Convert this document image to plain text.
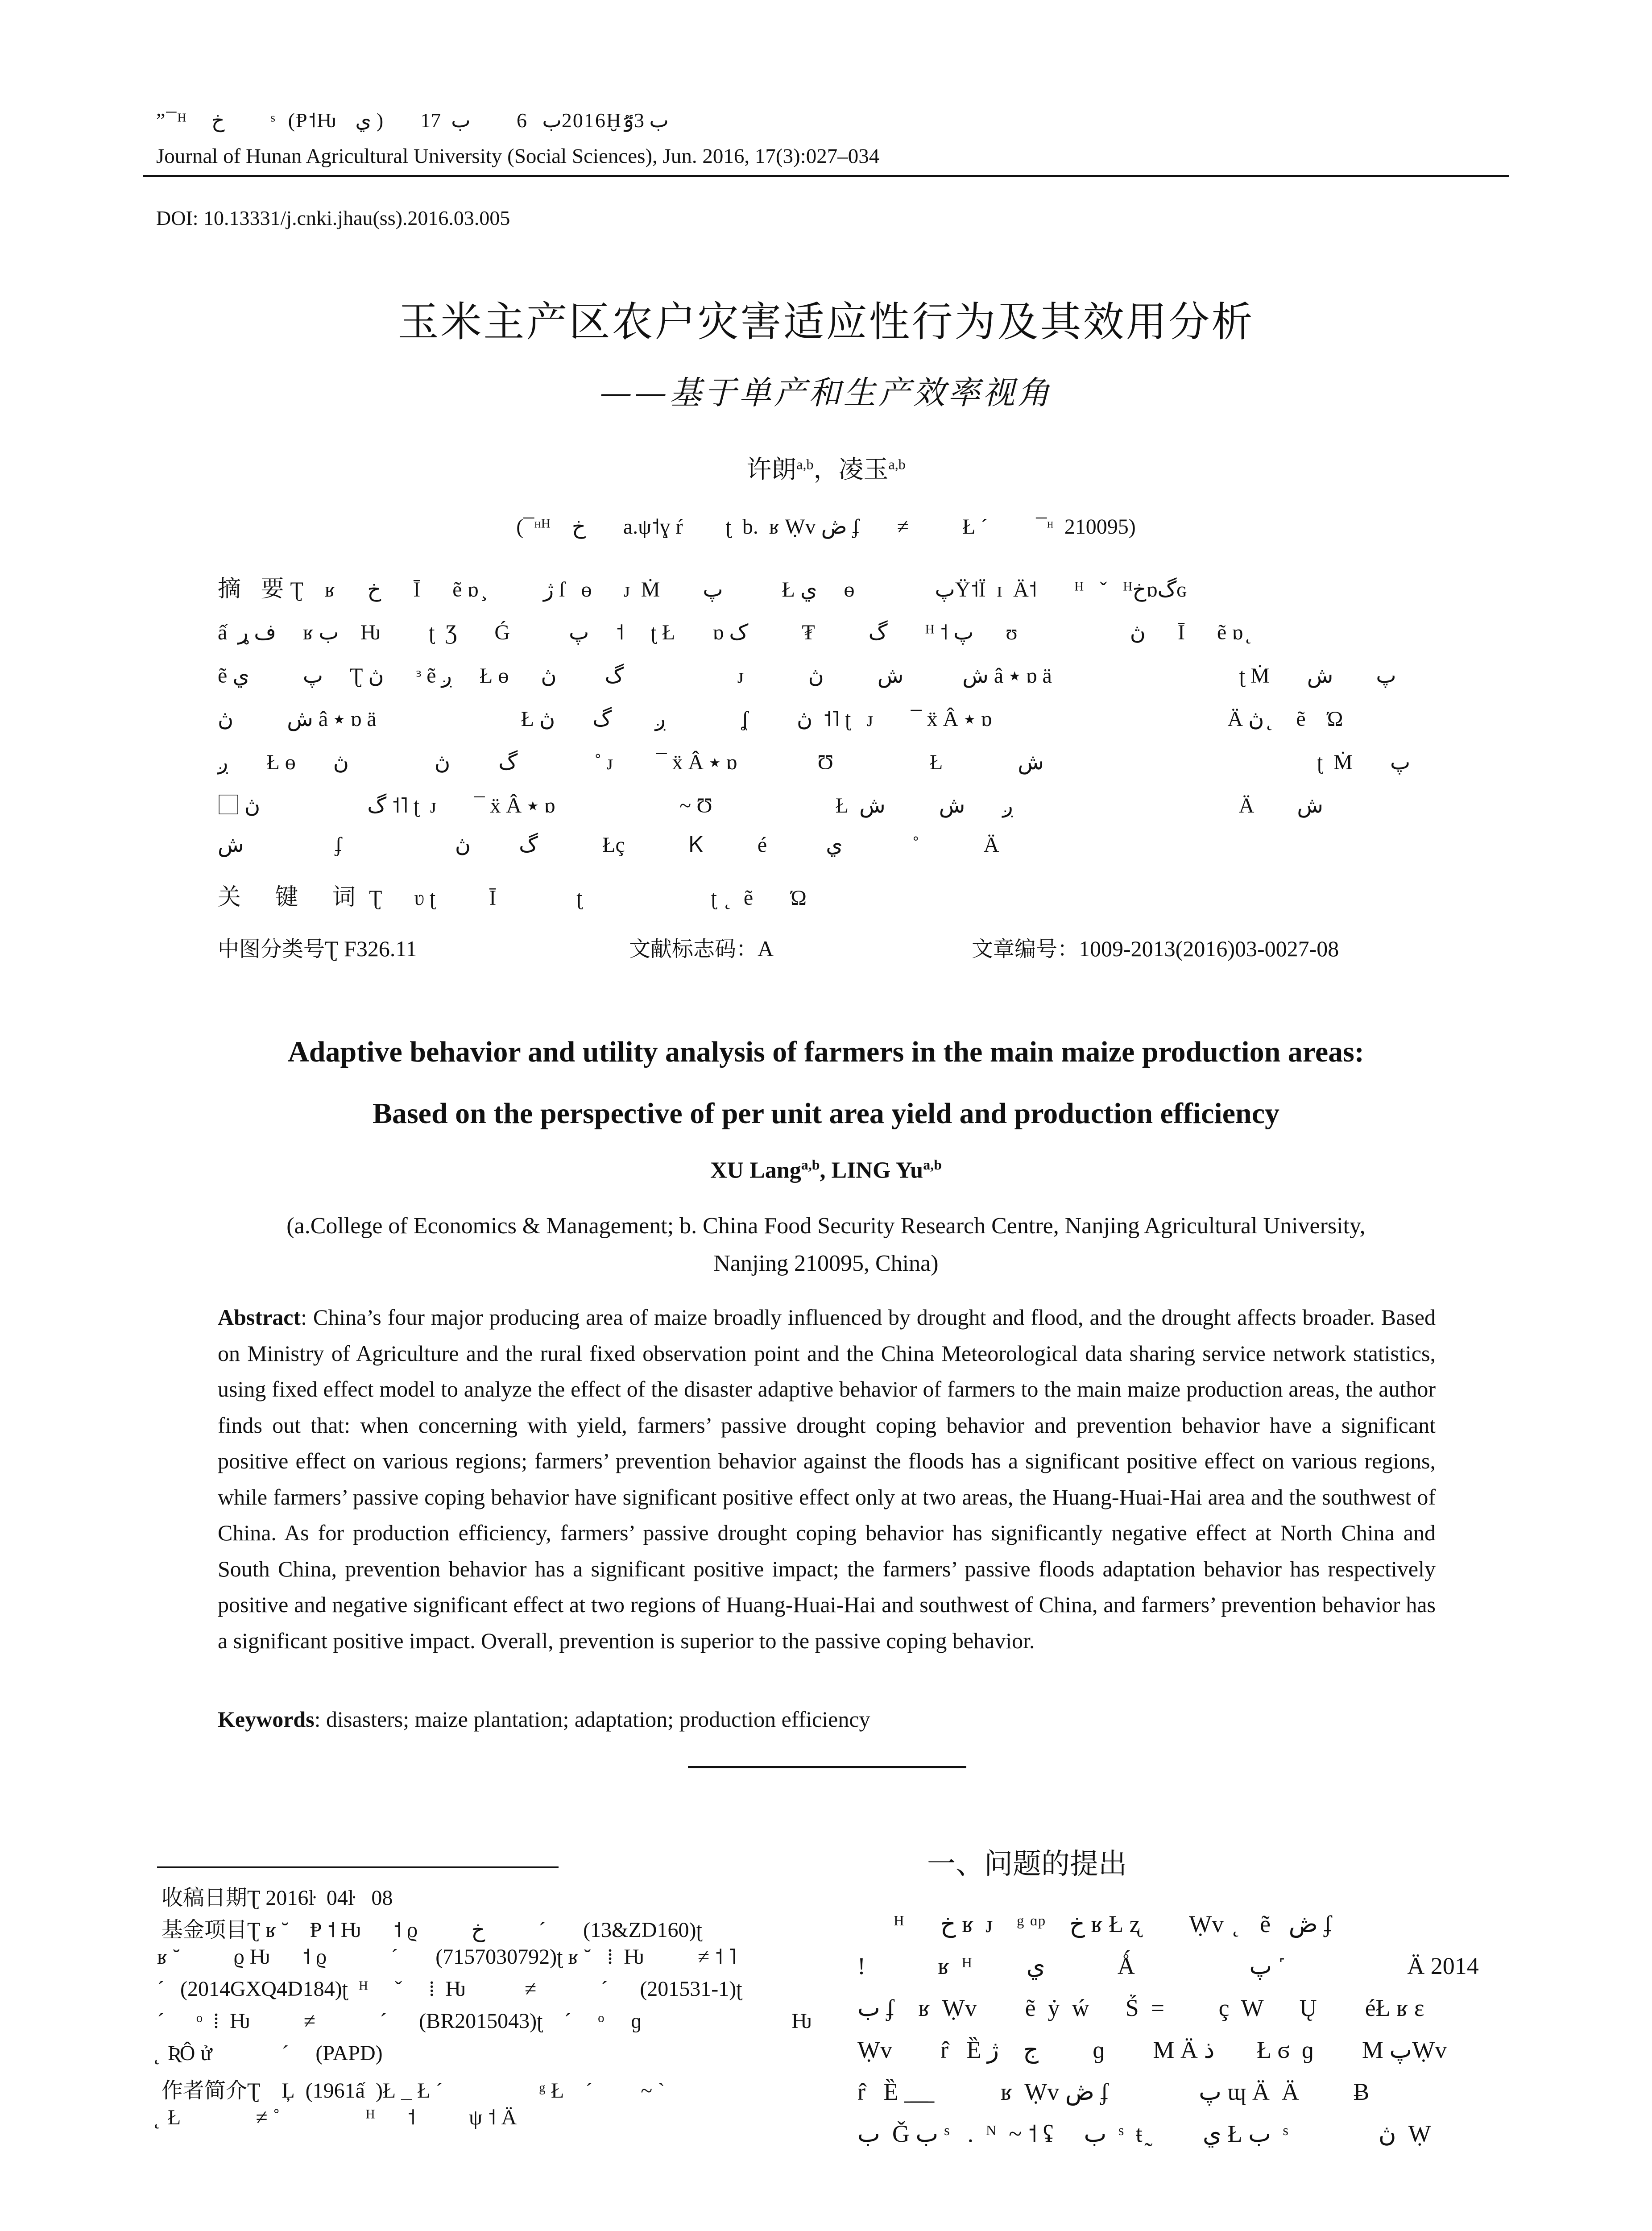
”¯ᴴ    خ         ˢ  (Ᵽ˦Ƕ   ي )      2016ب   6         ب  17Ḫب 3ٷ
Journal of Hunan Agricultural University (Social Sciences), Jun. 2016, 17(3):027–034
DOI: 10.13331/j.cnki.jhau(ss).2016.03.005
玉米主产区农户灾害适应性行为及其效用分析
——基于单产和生产效率视角
许朗$^{a,b}$，凌玉$^{a,b}$
(¯ᵸᴴ    خ       a.ψ˦ɣ ŕ        ʈ  b.  ʁ Ẉv ڞ ʄ       ≠          Ł ´         ¯ᵸ  210095)
摘 要Ʈ    ʁ      خ      Ī      ẽ ɒ ̧    ⃞    ژ ſ   ɵ      ᴊ  Ṁ        پ           Ł ي     ɵ               پŸ˦Ï  ɪ  Ä˦       ᴴ   ˇ   ᴴخɒگɢ
ấ  ف ړ     ʁ ب    Ƕ         ʈ  Ʒ       Ǵ           پ     ˦     ʈ Ł       ɒ گ          ₮          ک       ᴴ ˦ پ      ʊ                     ڽ      Ī      ẽ ɒ ̨
ẽ پ          ي     Ʈ ڽ      ᵌ ẽ ږ     Ł ɵ      پ⃞ گ         ڽ              ᴊ            ش           ش          ڽ â ٭ ɒ ä                                   ʈ Ṁ       پ        ش
ش          ڽ â ٭ ɒ ä                           Ł ږ    ⃞ گ       ڽ              ʆ         ڽ  ˦˥ ʈ   ᴊ       ¯ ẍ Â ٭ ɒ                                            Ä ڽ  ̨    ẽ    Ώ
ږ       Ł ɵ       پ⃞ گ         ڽ                ڽ  ⃞  ˚ ᴊ        ¯ ẍ Â ٭ ɒ               Ʊ                  Ł              ش                                                   ʈ  Ṁ       پ
⃞ گ                    ڽ ˦˥ ʈ  ᴊ       ¯ ẍ Â ٭ ɒ ک⃞                ~ Ʊ                       Ł  ږ       ش          ش                                          Ä        ش
ش                 ʄ                 ⃞ گ         ڽ            Łç            Ꮶ          é           ي             ˚            Ä
关 键 词Ʈ      ʋ ʈ          Ī               ʈ                        ʈ  ̨   ẽ       Ώ
中图分类号Ʈ F326.11	文献标志码：A	文章编号：1009-2013(2016)03-0027-08
Adaptive behavior and utility analysis of farmers in the main maize production areas:
Based on the perspective of per unit area yield and production efficiency
XU Lang$^{a,b}$, LING Yu$^{a,b}$
(a.College of Economics & Management; b. China Food Security Research Centre, Nanjing Agricultural University,
Nanjing 210095, China)
Abstract: China’s four major producing area of maize broadly influenced by drought and flood, and the drought affects broader. Based on Ministry of Agriculture and the rural fixed observation point and the China Meteorological data sharing service network statistics, using fixed effect model to analyze the effect of the disaster adaptive behavior of farmers to the main maize production areas, the author finds out that: when concerning with yield, farmers’ passive drought coping behavior and prevention behavior have a significant positive effect on various regions; farmers’ prevention behavior against the floods has a significant positive effect on various regions, while farmers’ passive coping behavior have significant positive effect only at two areas, the Huang-Huai-Hai area and the southwest of China. As for production efficiency, farmers’ passive drought coping behavior has significantly negative effect at North China and South China, prevention behavior has a significant positive impact; the farmers’ passive floods adaptation behavior has respectively positive and negative significant effect at two regions of Huang-Huai-Hai and southwest of China, and farmers’ prevention behavior has a significant positive impact. Overall, prevention is superior to the passive coping behavior.
Keywords: disasters; maize plantation; adaptation; production efficiency
收稿日期Ʈ 2016ŀ  04ŀ   08
基金项目Ʈ ʁ ˘    Ᵽ ˦ Ƕ      ˦ ϱ          خ          ´       (13&ZD160)ʈ
ʁ ˘          ϱ Ƕ      ˦ ϱ            ´       (7157030792)ʈ ʁ ˘   ⁞  Ƕ          ≠ ˦ ˥
´   (2014GXQ4D184)ʈ  ᴴ     ˇ     ⁞  Ƕ           ≠            ´      (201531-1)ʈ
´      ᵒ  ⁞  Ƕ          ≠            ´      (BR2015043)ʈ    ´     ᵒ     ɡ                            Ƕ
̨  ƦÔ ử             ´     (PAPD)
作者简介Ʈ    Ļ  (1961ấ  )Ł _ Ł ´                  ᵍ Ł    ´         ~ `
̨  Ł              ≠ ˚                ᴴ      ˦          ψ ˦ Ä
一、问题的提出
ᴴ      خ ʁ  ᴊ    ᵍ ᵅᵖ    خ ʁ Ł ʐ   ⃞  Ẉv  ̨    ẽ   ڞ ʄ
!            ʁ  ᴴ         ي            Ǻ                   پ ˹     ⃞            Ä 2014
ب ʄ    ʁ  Ẉv        ẽ  ẏ  ẃ      Ṥ  =         ç  W      Ų        éŁ ʁ ɛ
Ẉv        r̂   Ȅ ج    ژ         ɡ        M Ä ذ       Ł ϭ  ɡ        M پẈv
r̂   Ȅ  ̲ ̲ ̲ ̲            ʁ  Ẉv ڞ ʄ               پ ɰ Ä  Ä         Ƀ
ب  Ǧ ب ˢ   .  ᴺ  ~ ˦ ʢ     ب  ˢ  ŧ ̰         ي Ł ب  ˢ               ڽ  Ẉ
